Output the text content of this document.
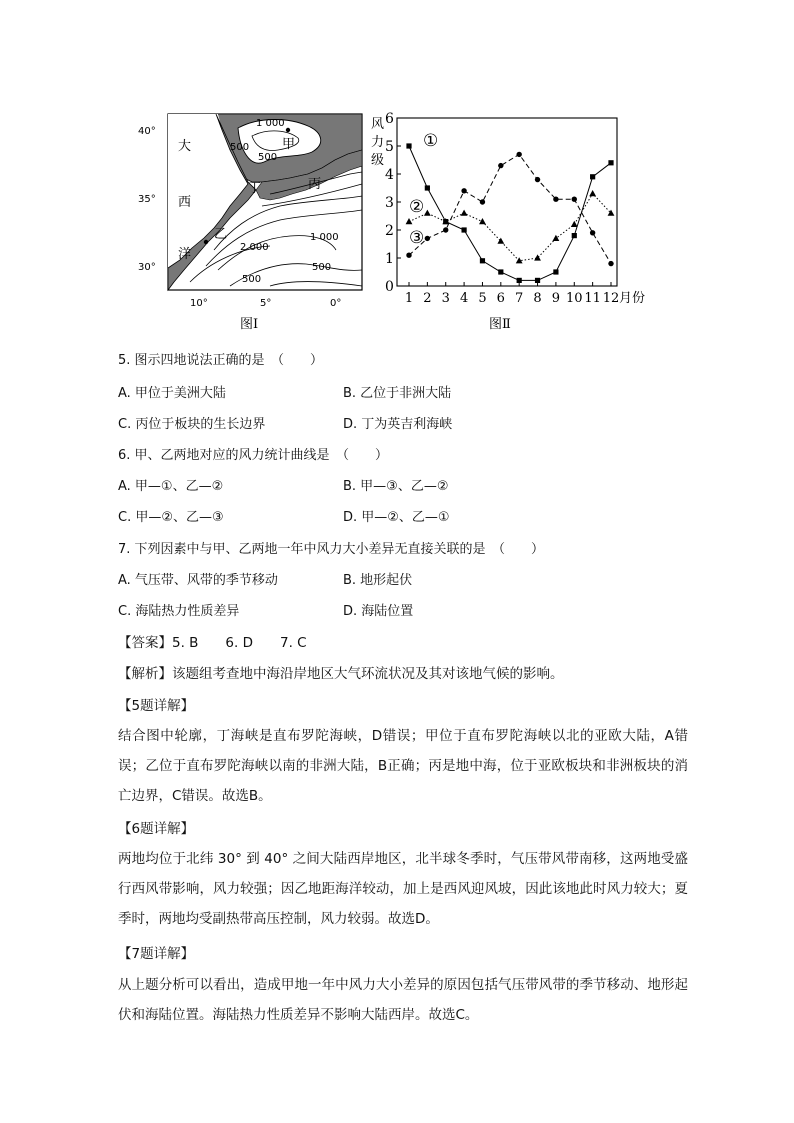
甲
乙
丙
丁
大
西
洋
1 000
500
500
2 000
1 000
500
500
40°
35°
30°
10°	5°	0°
图Ⅰ
风
力
级
月份
①
②
③
0
1
2
3
4
5
6
1 2 3 4 5 6 7 8 9 10 11 12
图Ⅱ
5. 图示四地说法正确的是　（　　）
A. 甲位于美洲大陆	B. 乙位于非洲大陆
C. 丙位于板块的生长边界	D. 丁为英吉利海峡
6. 甲、乙两地对应的风力统计曲线是　（　　）
A. 甲—①、乙—②	B. 甲—③、乙—②
C. 甲—②、乙—③	D. 甲—②、乙—①
7. 下列因素中与甲、乙两地一年中风力大小差异无直接关联的是　（　　）
A. 气压带、风带的季节移动	B. 地形起伏
C. 海陆热力性质差异	D. 海陆位置
【答案】5. B　　6. D　　7. C
【解析】该题组考查地中海沿岸地区大气环流状况及其对该地气候的影响。
【5题详解】
结合图中轮廓，丁海峡是直布罗陀海峡，D错误；甲位于直布罗陀海峡以北的亚欧大陆，A错误；乙位于直布罗陀海峡以南的非洲大陆，B正确；丙是地中海，位于亚欧板块和非洲板块的消亡边界，C错误。故选B。
【6题详解】
两地均位于北纬 30° 到 40° 之间大陆西岸地区，北半球冬季时，气压带风带南移，这两地受盛行西风带影响，风力较强；因乙地距海洋较动，加上是西风迎风坡，因此该地此时风力较大；夏季时，两地均受副热带高压控制，风力较弱。故选D。
【7题详解】
从上题分析可以看出，造成甲地一年中风力大小差异的原因包括气压带风带的季节移动、地形起伏和海陆位置。海陆热力性质差异不影响大陆西岸。故选C。
